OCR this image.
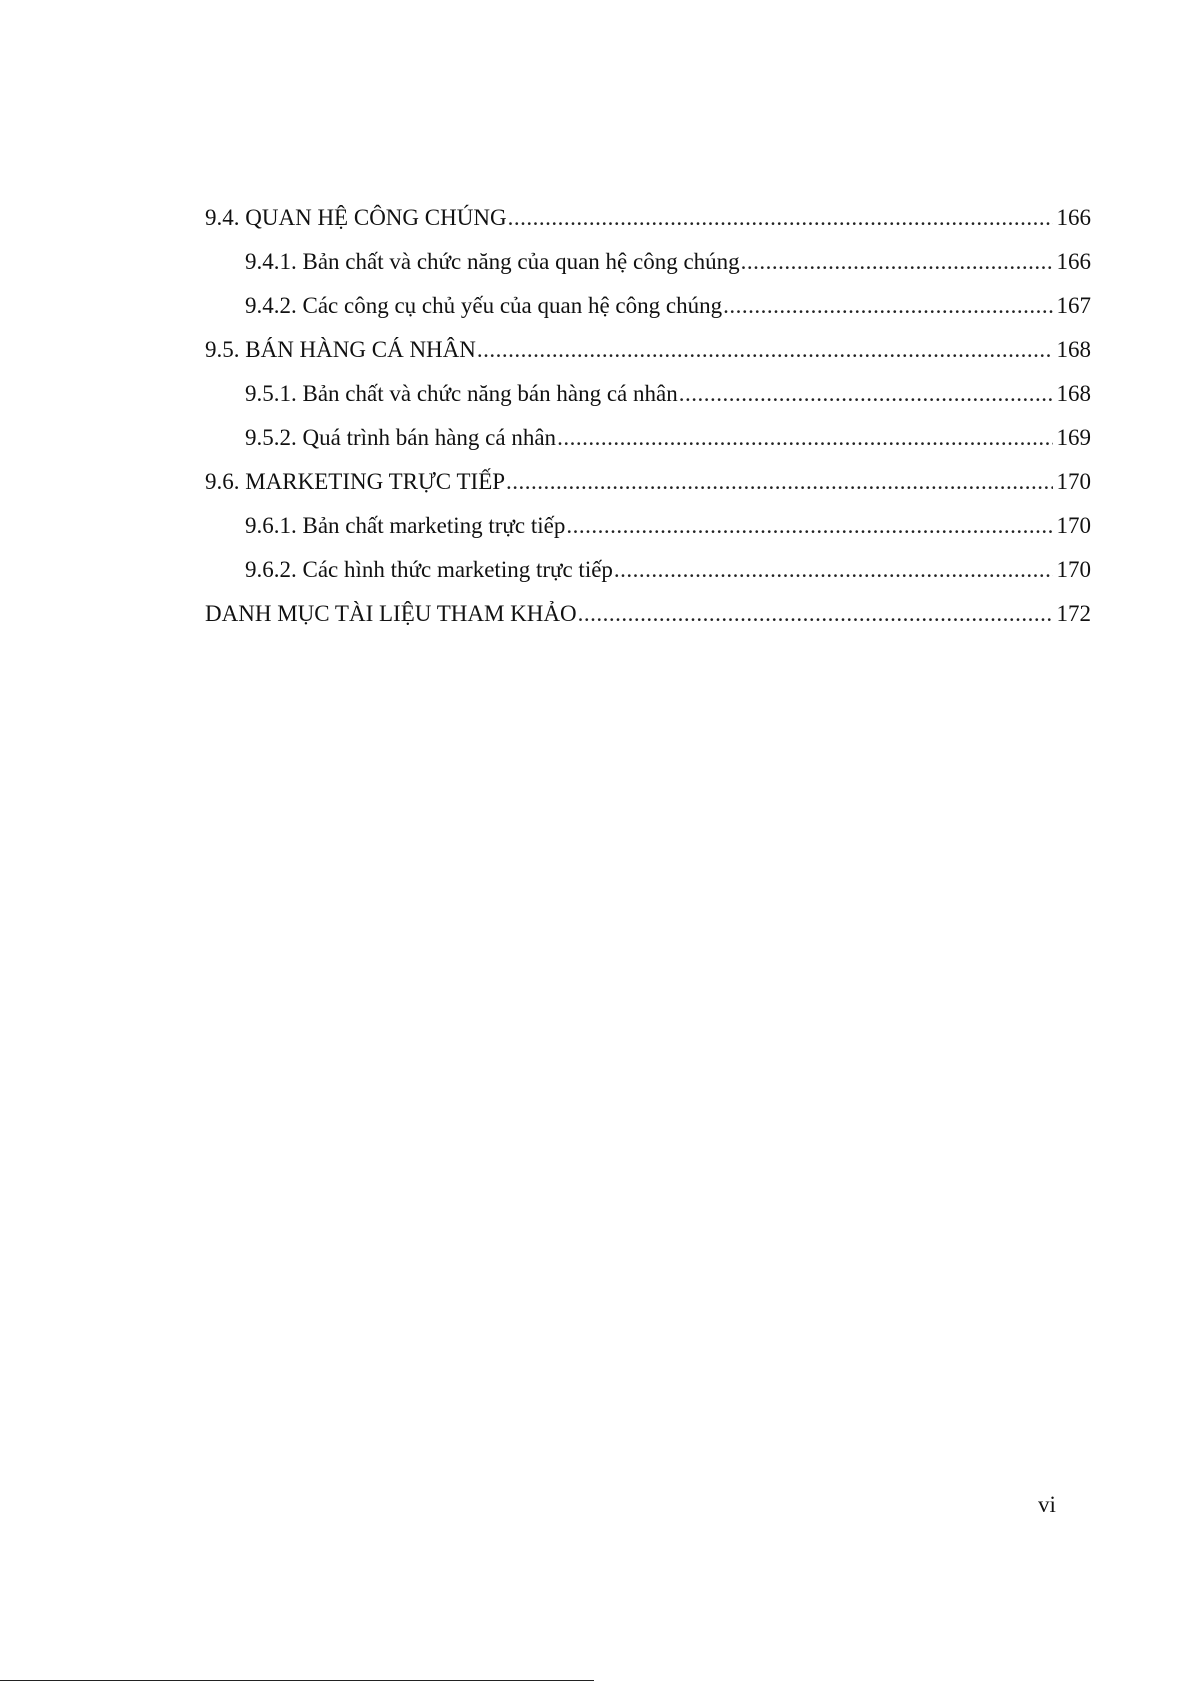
9.4. QUAN HỆ CÔNG CHÚNG .....	166
9.4.1. Bản chất và chức năng của quan hệ công chúng .....	166
9.4.2. Các công cụ chủ yếu của quan hệ công chúng .....	167
9.5. BÁN HÀNG CÁ NHÂN .....	168
9.5.1. Bản chất và chức năng bán hàng cá nhân .....	168
9.5.2. Quá trình bán hàng cá nhân .....	169
9.6. MARKETING TRỰC TIẾP .....	170
9.6.1. Bản chất marketing trực tiếp .....	170
9.6.2. Các hình thức marketing trực tiếp .....	170
DANH MỤC TÀI LIỆU THAM KHẢO .....	172
vi
